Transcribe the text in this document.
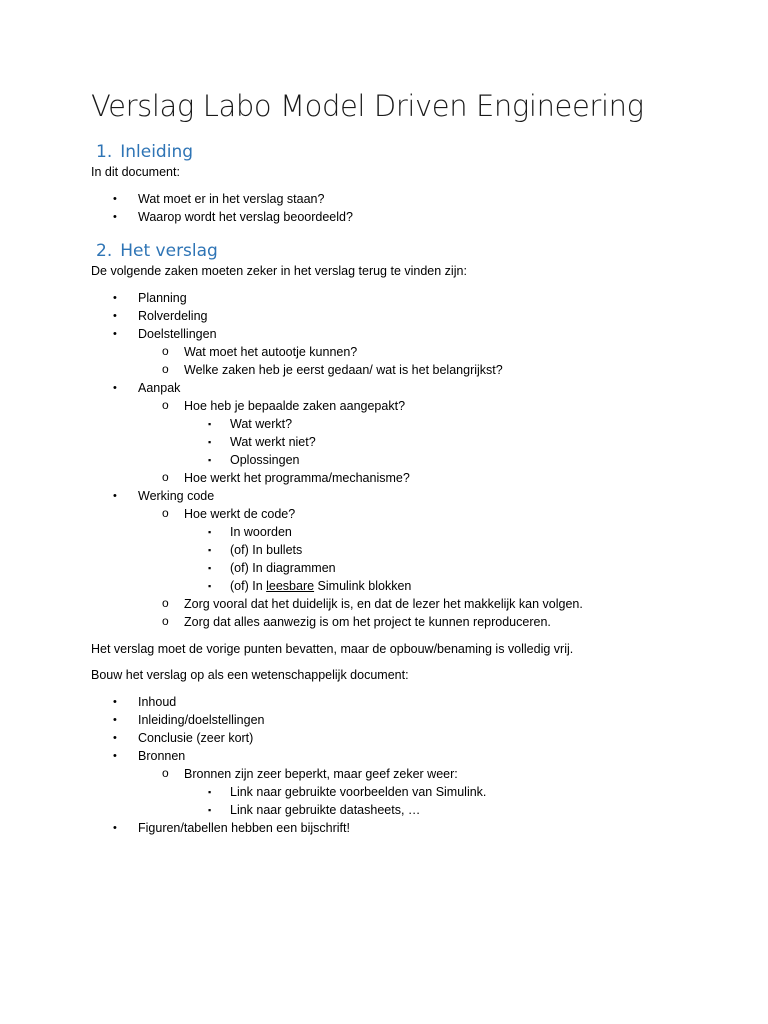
Verslag Labo Model Driven Engineering
1. Inleiding

In dit document:

• Wat moet er in het verslag staan?
• Waarop wordt het verslag beoordeeld?
2. Het verslag

De volgende zaken moeten zeker in het verslag terug te vinden zijn:

• Planning
• Rolverdeling
• Doelstellingen
o Wat moet het autootje kunnen?
o Welke zaken heb je eerst gedaan/ wat is het belangrijkst?
• Aanpak
o Hoe heb je bepaalde zaken aangepakt?
▪ Wat werkt?
▪ Wat werkt niet?
▪ Oplossingen
o Hoe werkt het programma/mechanisme?
• Werking code
o Hoe werkt de code?
▪ In woorden
▪ (of) In bullets
▪ (of) In diagrammen
▪ (of) In leesbare Simulink blokken
o Zorg vooral dat het duidelijk is, en dat de lezer het makkelijk kan volgen.
o Zorg dat alles aanwezig is om het project te kunnen reproduceren.

Het verslag moet de vorige punten bevatten, maar de opbouw/benaming is volledig vrij.

Bouw het verslag op als een wetenschappelijk document:

• Inhoud
• Inleiding/doelstellingen
• Conclusie (zeer kort)
• Bronnen
o Bronnen zijn zeer beperkt, maar geef zeker weer:
▪ Link naar gebruikte voorbeelden van Simulink.
▪ Link naar gebruikte datasheets, …
• Figuren/tabellen hebben een bijschrift!
